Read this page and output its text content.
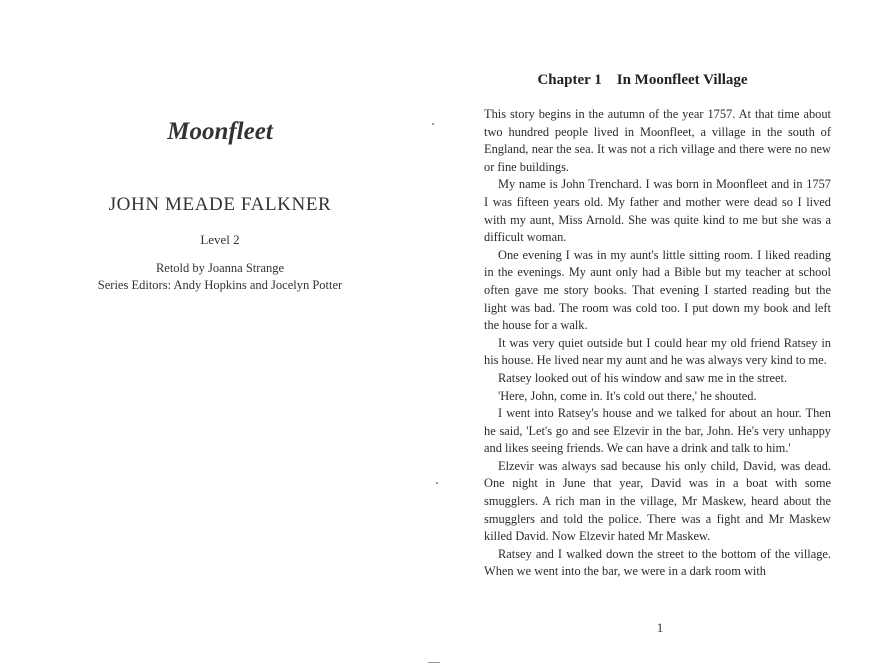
Moonfleet
JOHN MEADE FALKNER
Level 2
Retold by Joanna Strange
Series Editors: Andy Hopkins and Jocelyn Potter
Chapter 1    In Moonfleet Village

This story begins in the autumn of the year 1757. At that time about two hundred people lived in Moonfleet, a village in the south of England, near the sea. It was not a rich village and there were no new or fine buildings.

My name is John Trenchard. I was born in Moonfleet and in 1757 I was fifteen years old. My father and mother were dead so I lived with my aunt, Miss Arnold. She was quite kind to me but she was a difficult woman.

One evening I was in my aunt's little sitting room. I liked reading in the evenings. My aunt only had a Bible but my teacher at school often gave me story books. That evening I started reading but the light was bad. The room was cold too. I put down my book and left the house for a walk.

It was very quiet outside but I could hear my old friend Ratsey in his house. He lived near my aunt and he was always very kind to me.

Ratsey looked out of his window and saw me in the street.

'Here, John, come in. It's cold out there,' he shouted.

I went into Ratsey's house and we talked for about an hour. Then he said, 'Let's go and see Elzevir in the bar, John. He's very unhappy and likes seeing friends. We can have a drink and talk to him.'

Elzevir was always sad because his only child, David, was dead. One night in June that year, David was in a boat with some smugglers. A rich man in the village, Mr Maskew, heard about the smugglers and told the police. There was a fight and Mr Maskew killed David. Now Elzevir hated Mr Maskew.

Ratsey and I walked down the street to the bottom of the village. When we went into the bar, we were in a dark room with

1
